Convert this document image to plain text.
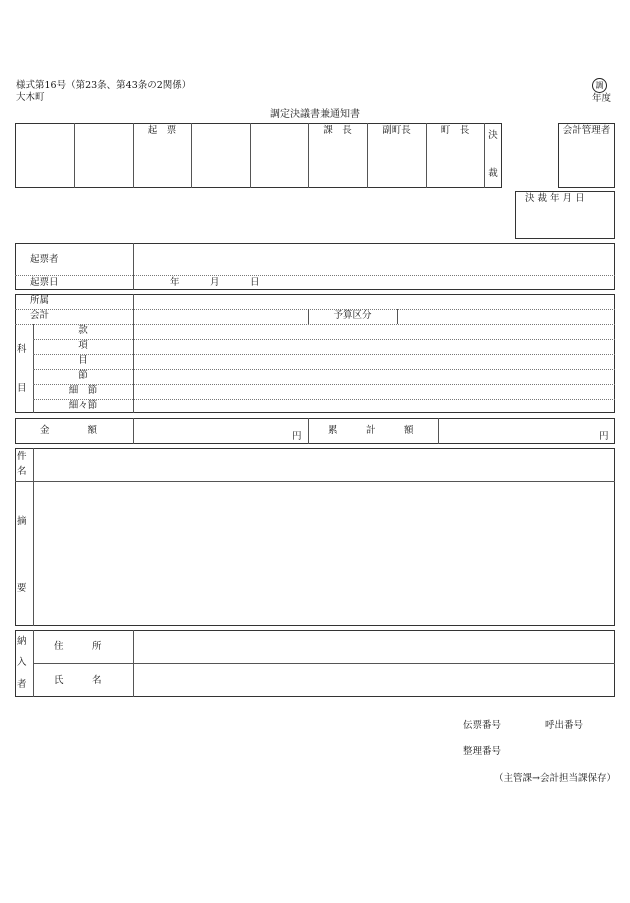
様式第16号（第23条、第43条の2関係）
大木町
調
年度
調定決議書兼通知書
起　票	課　長	副町長	町　長	決
裁
会計管理者
決 裁 年 月 日
起票者
起票日	年	月	日
所属
会計	予算区分
科
目
款
項
目
節
細　節
細々節
金　　　　額
円
累　　　計　　　額
円
件
名
摘
要
納
入
者
住　　　所
氏　　　名
伝票番号	呼出番号
整理番号
（主管課→会計担当課保存）
